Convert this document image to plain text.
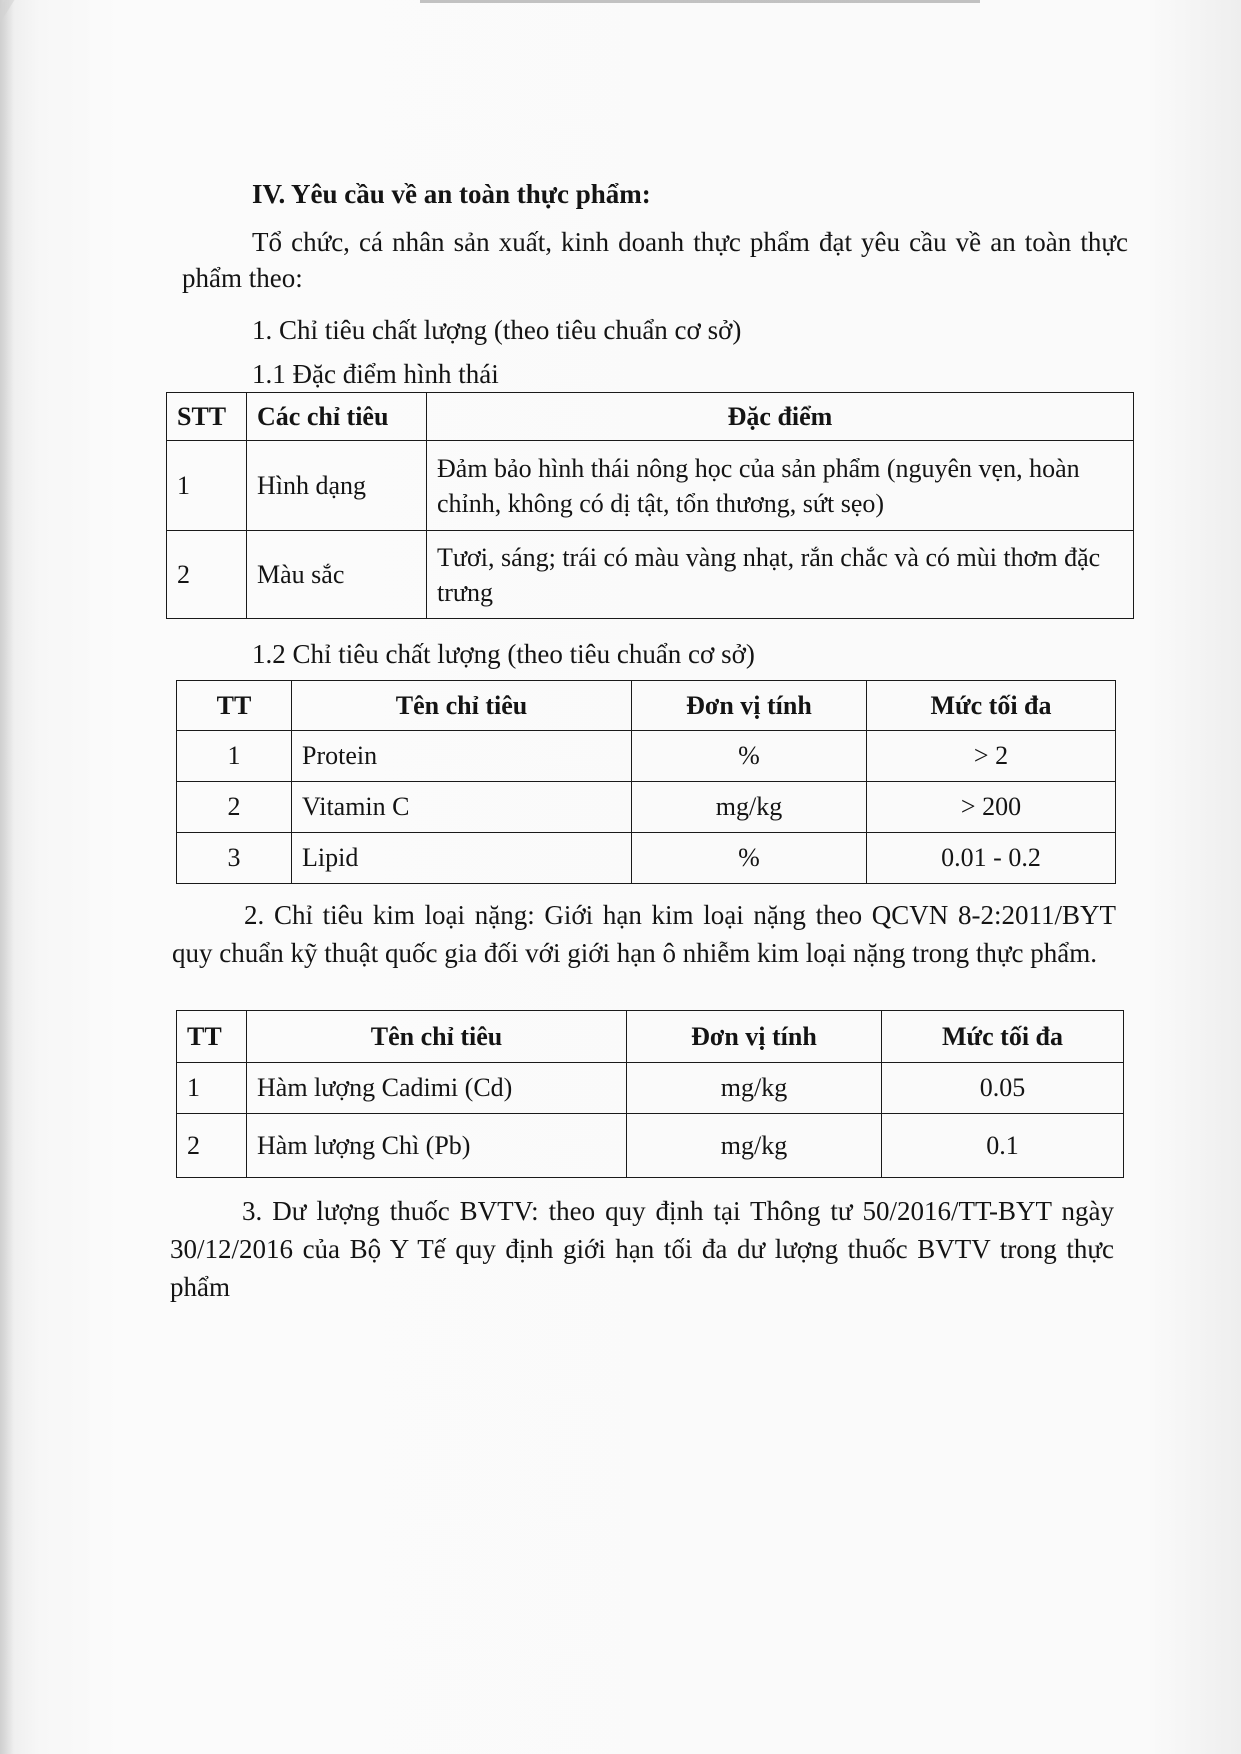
IV. Yêu cầu về an toàn thực phẩm:
Tổ chức, cá nhân sản xuất, kinh doanh thực phẩm đạt yêu cầu về an toàn thực phẩm theo:
1. Chỉ tiêu chất lượng (theo tiêu chuẩn cơ sở)
1.1 Đặc điểm hình thái
STT	Các chỉ tiêu	Đặc điểm
1	Hình dạng	Đảm bảo hình thái nông học của sản phẩm (nguyên vẹn, hoàn chỉnh, không có dị tật, tổn thương, sứt sẹo)
2	Màu sắc	Tươi, sáng; trái có màu vàng nhạt, rắn chắc và có mùi thơm đặc trưng
1.2 Chỉ tiêu chất lượng (theo tiêu chuẩn cơ sở)
TT	Tên chỉ tiêu	Đơn vị tính	Mức tối đa
1	Protein	%	> 2
2	Vitamin C	mg/kg	> 200
3	Lipid	%	0.01 - 0.2
2. Chỉ tiêu kim loại nặng: Giới hạn kim loại nặng theo QCVN 8-2:2011/BYT quy chuẩn kỹ thuật quốc gia đối với giới hạn ô nhiễm kim loại nặng trong thực phẩm.
TT	Tên chỉ tiêu	Đơn vị tính	Mức tối đa
1	Hàm lượng Cadimi (Cd)	mg/kg	0.05
2	Hàm lượng Chì (Pb)	mg/kg	0.1
3. Dư lượng thuốc BVTV: theo quy định tại Thông tư 50/2016/TT-BYT ngày 30/12/2016 của Bộ Y Tế quy định giới hạn tối đa dư lượng thuốc BVTV trong thực phẩm
